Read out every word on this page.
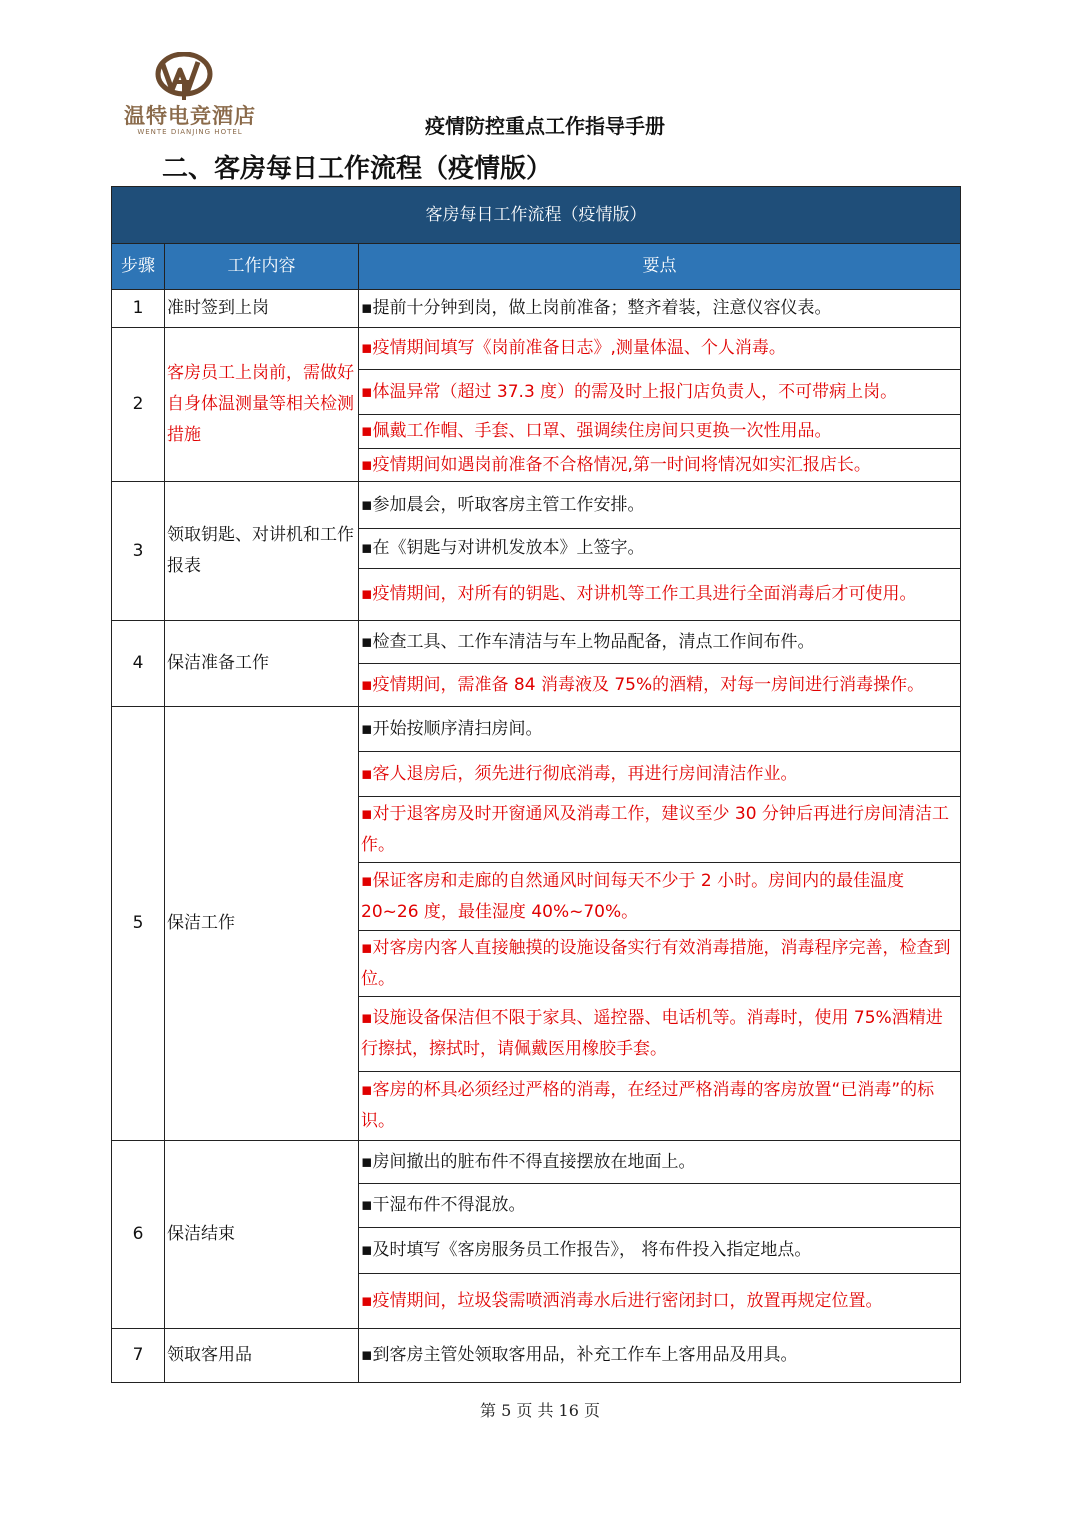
温特电竞酒店
WENTE DIANJING HOTEL	疫情防控重点工作指导手册
二、客房每日工作流程（疫情版）
客房每日工作流程（疫情版）		
步骤	工作内容	要点
1	准时签到上岗	▪提前十分钟到岗，做上岗前准备；整齐着装，注意仪容仪表。
2	客房员工上岗前，需做好自身体温测量等相关检测措施	▪疫情期间填写《岗前准备日志》,测量体温、个人消毒。
		▪体温异常（超过 37.3 度）的需及时上报门店负责人，不可带病上岗。
		▪佩戴工作帽、手套、口罩、强调续住房间只更换一次性用品。
		▪疫情期间如遇岗前准备不合格情况,第一时间将情况如实汇报店长。
3	领取钥匙、对讲机和工作报表	▪参加晨会，听取客房主管工作安排。
		▪在《钥匙与对讲机发放本》上签字。
		▪疫情期间，对所有的钥匙、对讲机等工作工具进行全面消毒后才可使用。
4	保洁准备工作	▪检查工具、工作车清洁与车上物品配备，清点工作间布件。
		▪疫情期间，需准备 84 消毒液及 75%的酒精，对每一房间进行消毒操作。
5	保洁工作	▪开始按顺序清扫房间。
		▪客人退房后，须先进行彻底消毒，再进行房间清洁作业。
		▪对于退客房及时开窗通风及消毒工作，建议至少 30 分钟后再进行房间清洁工作。
		▪保证客房和走廊的自然通风时间每天不少于 2 小时。房间内的最佳温度 20~26 度，最佳湿度 40%~70%。
		▪对客房内客人直接触摸的设施设备实行有效消毒措施，消毒程序完善，检查到位。
		▪设施设备保洁但不限于家具、遥控器、电话机等。消毒时，使用 75%酒精进行擦拭，擦拭时，请佩戴医用橡胶手套。
		▪客房的杯具必须经过严格的消毒，在经过严格消毒的客房放置“已消毒”的标识。
6	保洁结束	▪房间撤出的脏布件不得直接摆放在地面上。
		▪干湿布件不得混放。
		▪及时填写《客房服务员工作报告》， 将布件投入指定地点。
		▪疫情期间，垃圾袋需喷洒消毒水后进行密闭封口，放置再规定位置。
7	领取客用品	▪到客房主管处领取客用品，补充工作车上客用品及用具。
第 5 页 共 16 页
